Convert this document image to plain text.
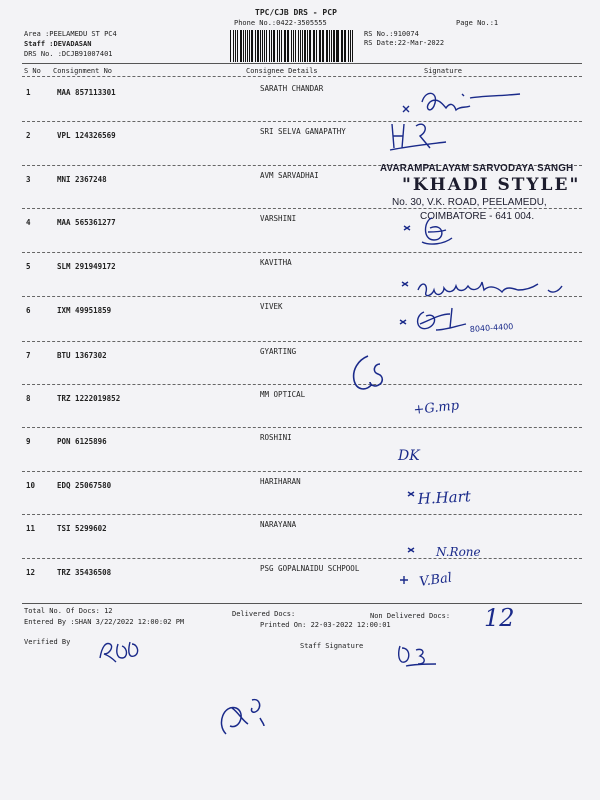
TPC/CJB DRS - PCP
Phone No.:0422-3505555	Page No.:1
Area :PEELAMEDU ST PC4
Staff :DEVADASAN
DRS No. :DCJB91007401
RS No.:910074
RS Date:22-Mar-2022
S No Consignment No	Consignee Details	Signature
1	MAA 857113301	SARATH CHANDAR
2	VPL 124326569	SRI SELVA GANAPATHY
3	MNI 2367248	AVM SARVADHAI
4	MAA 565361277	VARSHINI
5	SLM 291949172	KAVITHA
6	IXM 49951859	VIVEK
7	BTU 1367302	GYARTING
8	TRZ 1222019852	MM OPTICAL
9	PON 6125896	ROSHINI
10	EDQ 25067580	HARIHARAN
11	TSI 5299602	NARAYANA
12	TRZ 35436508	PSG GOPALNAIDU SCHPOOL
AVARAMPALAYAM SARVODAYA SANGH
"KHADI STYLE"
No. 30, V.K. ROAD, PEELAMEDU,
COIMBATORE - 641 004.
Total No. Of Docs: 12	Delivered Docs:	Non Delivered Docs:
Entered By :SHAN 3/22/2022 12:00:02 PM	Printed On: 22-03-2022 12:00:01
Verified By	Staff Signature
H R
8040-4400
+G.mp
DK
H.Hart
N.Rone
V.Bal
12
